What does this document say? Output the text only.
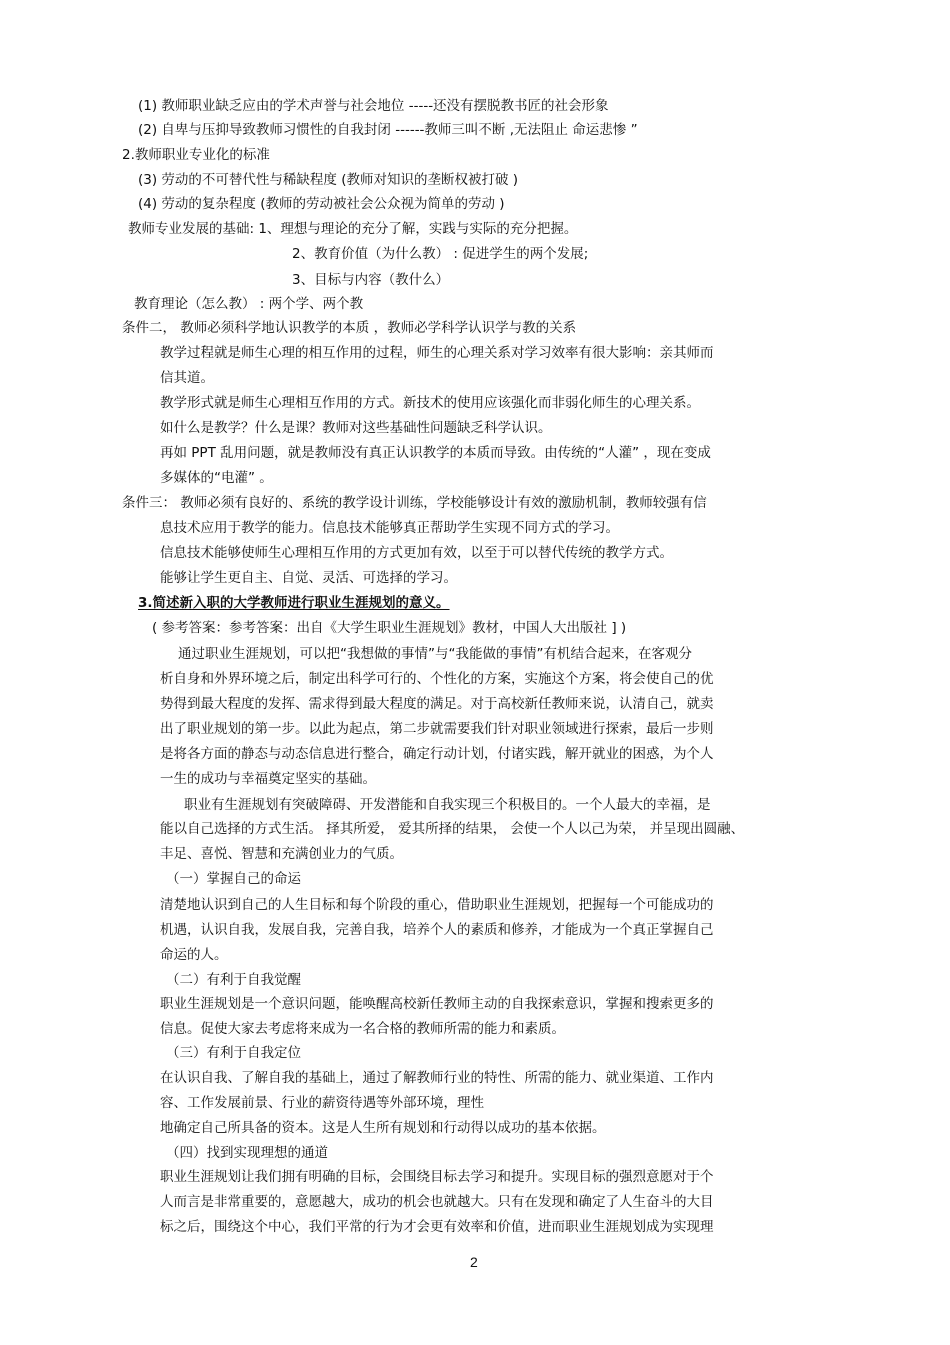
(1) 教师职业缺乏应由的学术声誉与社会地位 -----还没有摆脱教书匠的社会形象
(2) 自卑与压抑导致教师习惯性的自我封闭 ------教师三叫不断 ,无法阻止 命运悲惨 ”
2.教师职业专业化的标准
(3) 劳动的不可替代性与稀缺程度 (教师对知识的垄断权被打破 )
(4) 劳动的复杂程度 (教师的劳动被社会公众视为简单的劳动 )
教师专业发展的基础: 1、理想与理论的充分了解，实践与实际的充分把握。
2、教育价值（为什么教） : 促进学生的两个发展;
3、目标与内容（教什么）
教育理论（怎么教） : 两个学、两个教
条件二， 教师必须科学地认识教学的本质 ，教师必学科学认识学与教的关系
教学过程就是师生心理的相互作用的过程，师生的心理关系对学习效率有很大影响：亲其师而
信其道。
教学形式就是师生心理相互作用的方式。新技术的使用应该强化而非弱化师生的心理关系。
如什么是教学？什么是课？教师对这些基础性问题缺乏科学认识。
再如 PPT 乱用问题，就是教师没有真正认识教学的本质而导致。由传统的“人灌” ，现在变成
多媒体的“电灌” 。
条件三： 教师必须有良好的、系统的教学设计训练，学校能够设计有效的激励机制，教师较强有信
息技术应用于教学的能力。信息技术能够真正帮助学生实现不同方式的学习。
信息技术能够使师生心理相互作用的方式更加有效，以至于可以替代传统的教学方式。
能够让学生更自主、自觉、灵活、可选择的学习。
3.简述新入职的大学教师进行职业生涯规划的意义。
( 参考答案：参考答案：出自《大学生职业生涯规划》教材，中国人大出版社 ] )
通过职业生涯规划，可以把“我想做的事情”与“我能做的事情”有机结合起来，在客观分
析自身和外界环境之后，制定出科学可行的、个性化的方案，实施这个方案，将会使自己的优
势得到最大程度的发挥、需求得到最大程度的满足。对于高校新任教师来说，认清自己，就卖
出了职业规划的第一步。以此为起点，第二步就需要我们针对职业领域进行探索，最后一步则
是将各方面的静态与动态信息进行整合，确定行动计划，付诸实践，解开就业的困惑，为个人
一生的成功与幸福奠定坚实的基础。
职业有生涯规划有突破障碍、开发潜能和自我实现三个积极目的。一个人最大的幸福，是
能以自己选择的方式生活。 择其所爱， 爱其所择的结果， 会使一个人以己为荣， 并呈现出圆融、
丰足、喜悦、智慧和充满创业力的气质。
（一）掌握自己的命运
清楚地认识到自己的人生目标和每个阶段的重心，借助职业生涯规划，把握每一个可能成功的
机遇，认识自我，发展自我，完善自我，培养个人的素质和修养，才能成为一个真正掌握自己
命运的人。
（二）有利于自我觉醒
职业生涯规划是一个意识问题，能唤醒高校新任教师主动的自我探索意识，掌握和搜索更多的
信息。促使大家去考虑将来成为一名合格的教师所需的能力和素质。
（三）有利于自我定位
在认识自我、了解自我的基础上，通过了解教师行业的特性、所需的能力、就业渠道、工作内
容、工作发展前景、行业的薪资待遇等外部环境，理性
地确定自己所具备的资本。这是人生所有规划和行动得以成功的基本依据。
（四）找到实现理想的通道
职业生涯规划让我们拥有明确的目标，会围绕目标去学习和提升。实现目标的强烈意愿对于个
人而言是非常重要的，意愿越大，成功的机会也就越大。只有在发现和确定了人生奋斗的大目
标之后，围绕这个中心，我们平常的行为才会更有效率和价值，进而职业生涯规划成为实现理
2
